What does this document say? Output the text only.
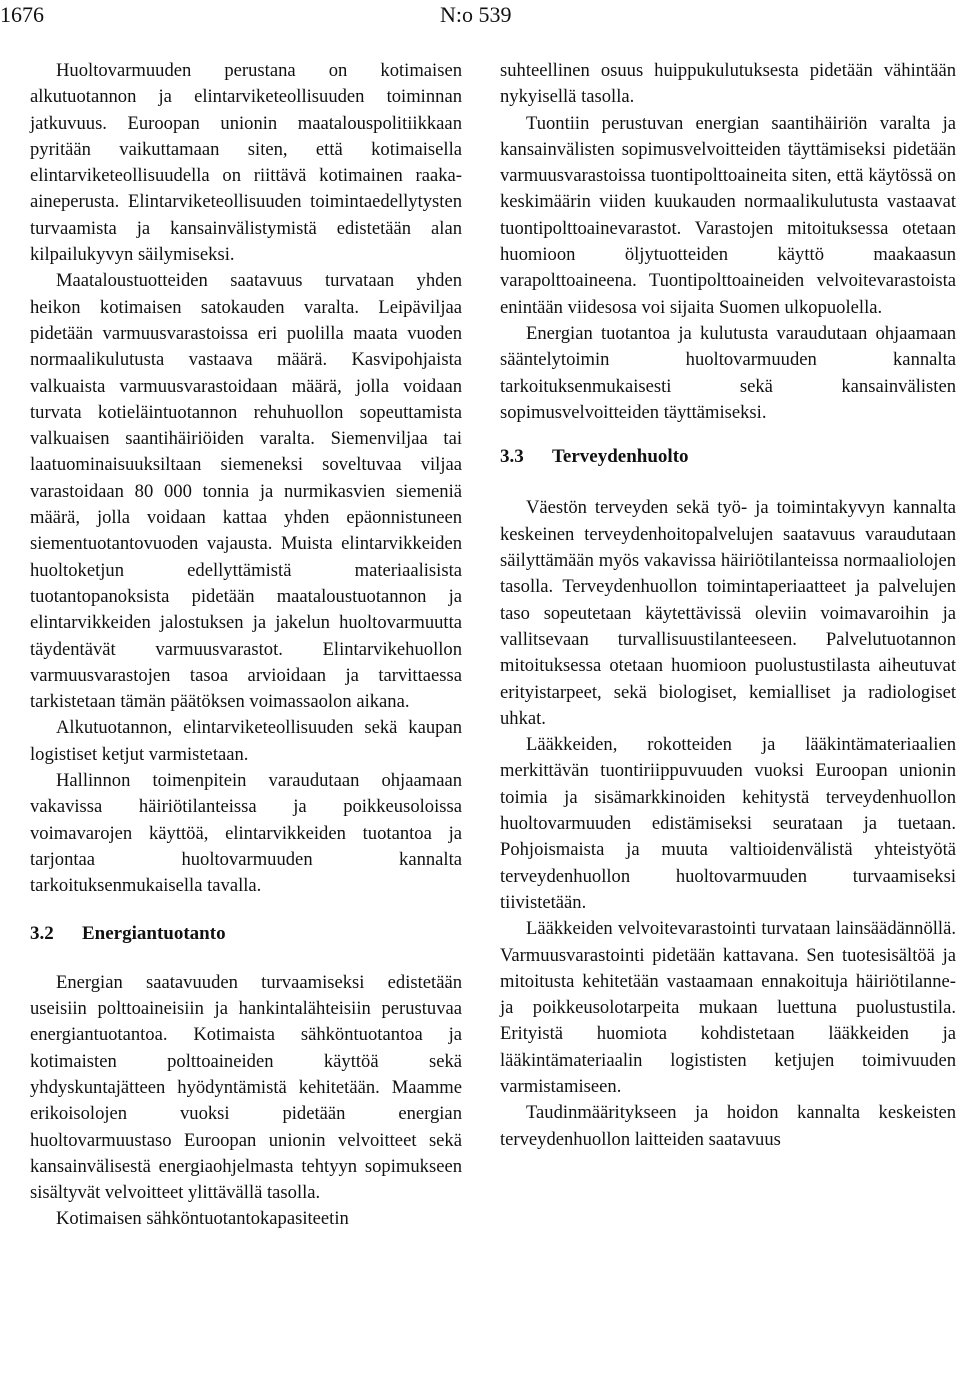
1676	N:o 539

Huoltovarmuuden perustana on kotimaisen alkutuotannon ja elintarviketeollisuuden toiminnan jatkuvuus. Euroopan unionin maatalouspolitiikkaan pyritään vaikuttamaan siten, että kotimaisella elintarviketeollisuudella on riittävä kotimainen raaka-aineperusta. Elintarviketeollisuuden toimintaedellytysten turvaamista ja kansainvälistymistä edistetään alan kilpailukyvyn säilymiseksi.

Maataloustuotteiden saatavuus turvataan yhden heikon kotimaisen satokauden varalta. Leipäviljaa pidetään varmuusvarastoissa eri puolilla maata vuoden normaalikulutusta vastaava määrä. Kasvipohjaista valkuaista varmuusvarastoidaan määrä, jolla voidaan turvata kotieläintuotannon rehuhuollon sopeuttamista valkuaisen saantihäiriöiden varalta. Siemenviljaa tai laatuominaisuuksiltaan siemeneksi soveltuvaa viljaa varastoidaan 80 000 tonnia ja nurmikasvien siemeniä määrä, jolla voidaan kattaa yhden epäonnistuneen siementuotantovuoden vajausta. Muista elintarvikkeiden huoltoketjun edellyttämistä materiaalisista tuotantopanoksista pidetään maataloustuotannon ja elintarvikkeiden jalostuksen ja jakelun huoltovarmuutta täydentävät varmuusvarastot. Elintarvikehuollon varmuusvarastojen tasoa arvioidaan ja tarvittaessa tarkistetaan tämän päätöksen voimassaolon aikana.

Alkutuotannon, elintarviketeollisuuden sekä kaupan logistiset ketjut varmistetaan.

Hallinnon toimenpitein varaudutaan ohjaamaan vakavissa häiriötilanteissa ja poikkeusoloissa voimavarojen käyttöä, elintarvikkeiden tuotantoa ja tarjontaa huoltovarmuuden kannalta tarkoituksenmukaisella tavalla.

3.2	Energiantuotanto

Energian saatavuuden turvaamiseksi edistetään useisiin polttoaineisiin ja hankintalähteisiin perustuvaa energiantuotantoa. Kotimaista sähköntuotantoa ja kotimaisten polttoaineiden käyttöä sekä yhdyskuntajätteen hyödyntämistä kehitetään. Maamme erikoisolojen vuoksi pidetään energian huoltovarmuustaso Euroopan unionin velvoitteet sekä kansainvälisestä energiaohjelmasta tehtyyn sopimukseen sisältyvät velvoitteet ylittävällä tasolla.

Kotimaisen sähköntuotantokapasiteetin

suhteellinen osuus huippukulutuksesta pidetään vähintään nykyisellä tasolla.

Tuontiin perustuvan energian saantihäiriön varalta ja kansainvälisten sopimusvelvoitteiden täyttämiseksi pidetään varmuusvarastoissa tuontipolttoaineita siten, että käytössä on keskimäärin viiden kuukauden normaalikulutusta vastaavat tuontipolttoainevarastot. Varastojen mitoituksessa otetaan huomioon öljytuotteiden käyttö maakaasun varapolttoaineena. Tuontipolttoaineiden velvoitevarastoista enintään viidesosa voi sijaita Suomen ulkopuolella.

Energian tuotantoa ja kulutusta varaudutaan ohjaamaan sääntelytoimin huoltovarmuuden kannalta tarkoituksenmukaisesti sekä kansainvälisten sopimusvelvoitteiden täyttämiseksi.

3.3	Terveydenhuolto

Väestön terveyden sekä työ- ja toimintakyvyn kannalta keskeinen terveydenhoitopalvelujen saatavuus varaudutaan säilyttämään myös vakavissa häiriötilanteissa normaaliolojen tasolla. Terveydenhuollon toimintaperiaatteet ja palvelujen taso sopeutetaan käytettävissä oleviin voimavaroihin ja vallitsevaan turvallisuustilanteeseen. Palvelutuotannon mitoituksessa otetaan huomioon puolustustilasta aiheutuvat erityistarpeet, sekä biologiset, kemialliset ja radiologiset uhkat.

Lääkkeiden, rokotteiden ja lääkintämateriaalien merkittävän tuontiriippuvuuden vuoksi Euroopan unionin toimia ja sisämarkkinoiden kehitystä terveydenhuollon huoltovarmuuden edistämiseksi seurataan ja tuetaan. Pohjoismaista ja muuta valtioidenvälistä yhteistyötä terveydenhuollon huoltovarmuuden turvaamiseksi tiivistetään.

Lääkkeiden velvoitevarastointi turvataan lainsäädännöllä. Varmuusvarastointi pidetään kattavana. Sen tuotesisältöä ja mitoitusta kehitetään vastaamaan ennakoituja häiriötilanne- ja poikkeusolotarpeita mukaan luettuna puolustustila. Erityistä huomiota kohdistetaan lääkkeiden ja lääkintämateriaalin logististen ketjujen toimivuuden varmistamiseen.

Taudinmääritykseen ja hoidon kannalta keskeisten terveydenhuollon laitteiden saatavuus
